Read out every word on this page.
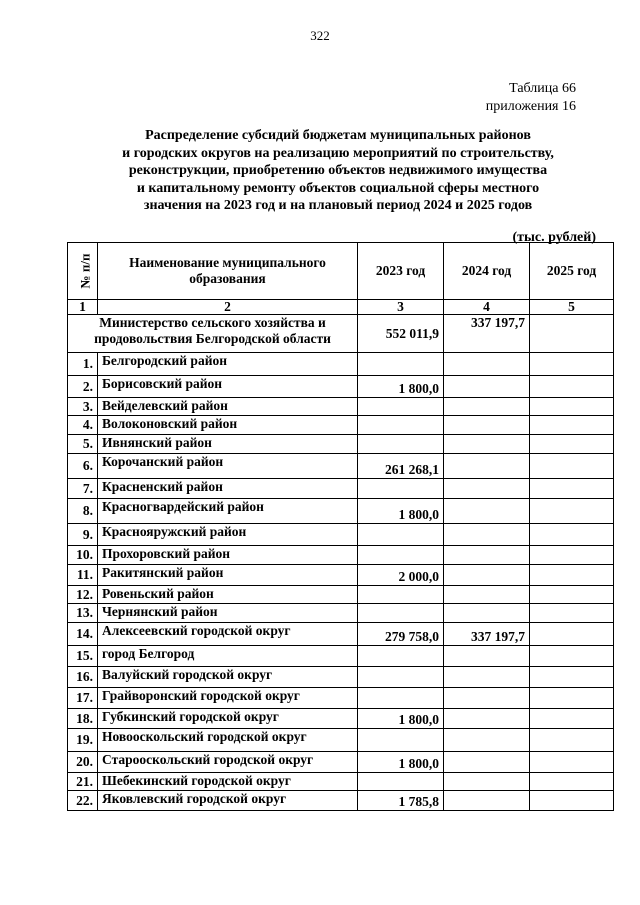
322
Таблица 66
приложения 16
Распределение субсидий бюджетам муниципальных районов
и городских округов на реализацию мероприятий по строительству,
реконструкции, приобретению объектов недвижимого имущества
и капитальному ремонту объектов социальной сферы местного
значения на 2023 год и на плановый период 2024 и 2025 годов
(тыс. рублей)
№ п/п	Наименование муниципального образования	2023 год	2024 год	2025 год
1	2	3	4	5
Министерство сельского хозяйства и продовольствия Белгородской области		552 011,9	337 197,7	
1.	Белгородский район			
2.	Борисовский район	1 800,0		
3.	Вейделевский район			
4.	Волоконовский район			
5.	Ивнянский район			
6.	Корочанский район	261 268,1		
7.	Красненский район			
8.	Красногвардейский район	1 800,0		
9.	Краснояружский район			
10.	Прохоровский район			
11.	Ракитянский район	2 000,0		
12.	Ровеньский район			
13.	Чернянский район			
14.	Алексеевский городской округ	279 758,0	337 197,7	
15.	город Белгород			
16.	Валуйский городской округ			
17.	Грайворонский городской округ			
18.	Губкинский городской округ	1 800,0		
19.	Новооскольский городской округ			
20.	Старооскольский городской округ	1 800,0		
21.	Шебекинский городской округ			
22.	Яковлевский городской округ	1 785,8		
